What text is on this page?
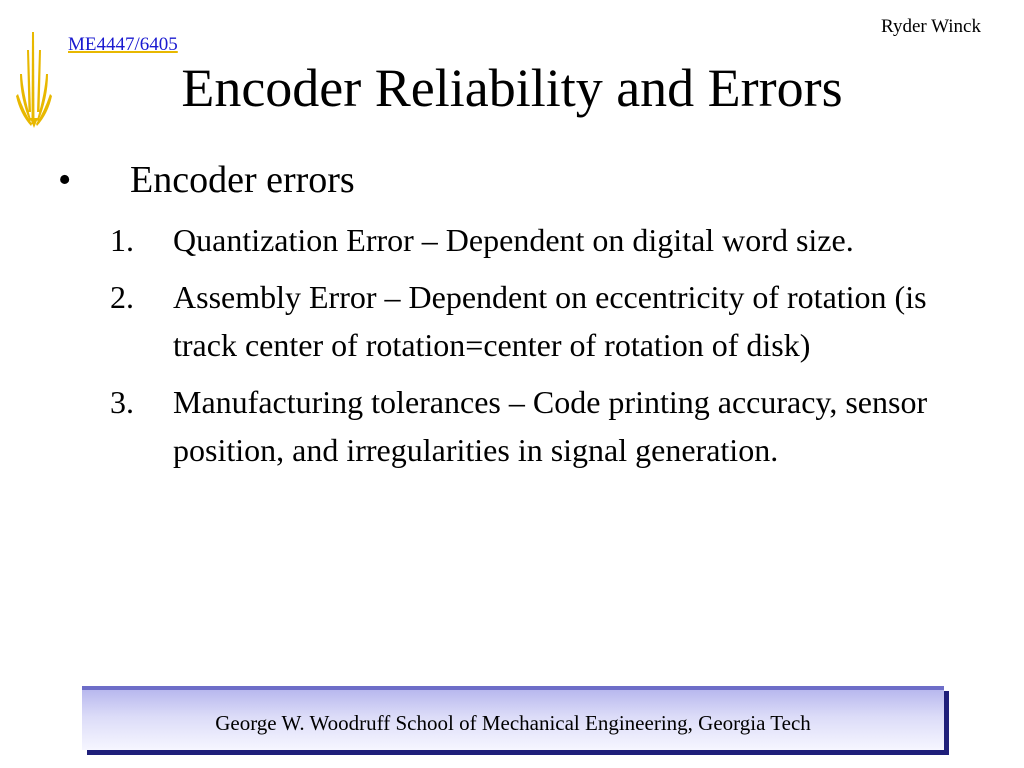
Ryder Winck
ME4447/6405
Encoder Reliability and Errors
• Encoder errors
1. Quantization Error – Dependent on digital word size.
2. Assembly Error – Dependent on eccentricity of rotation (is track center of rotation=center of rotation of disk)
3. Manufacturing tolerances – Code printing accuracy, sensor position, and irregularities in signal generation.
George W. Woodruff School of Mechanical Engineering, Georgia Tech
